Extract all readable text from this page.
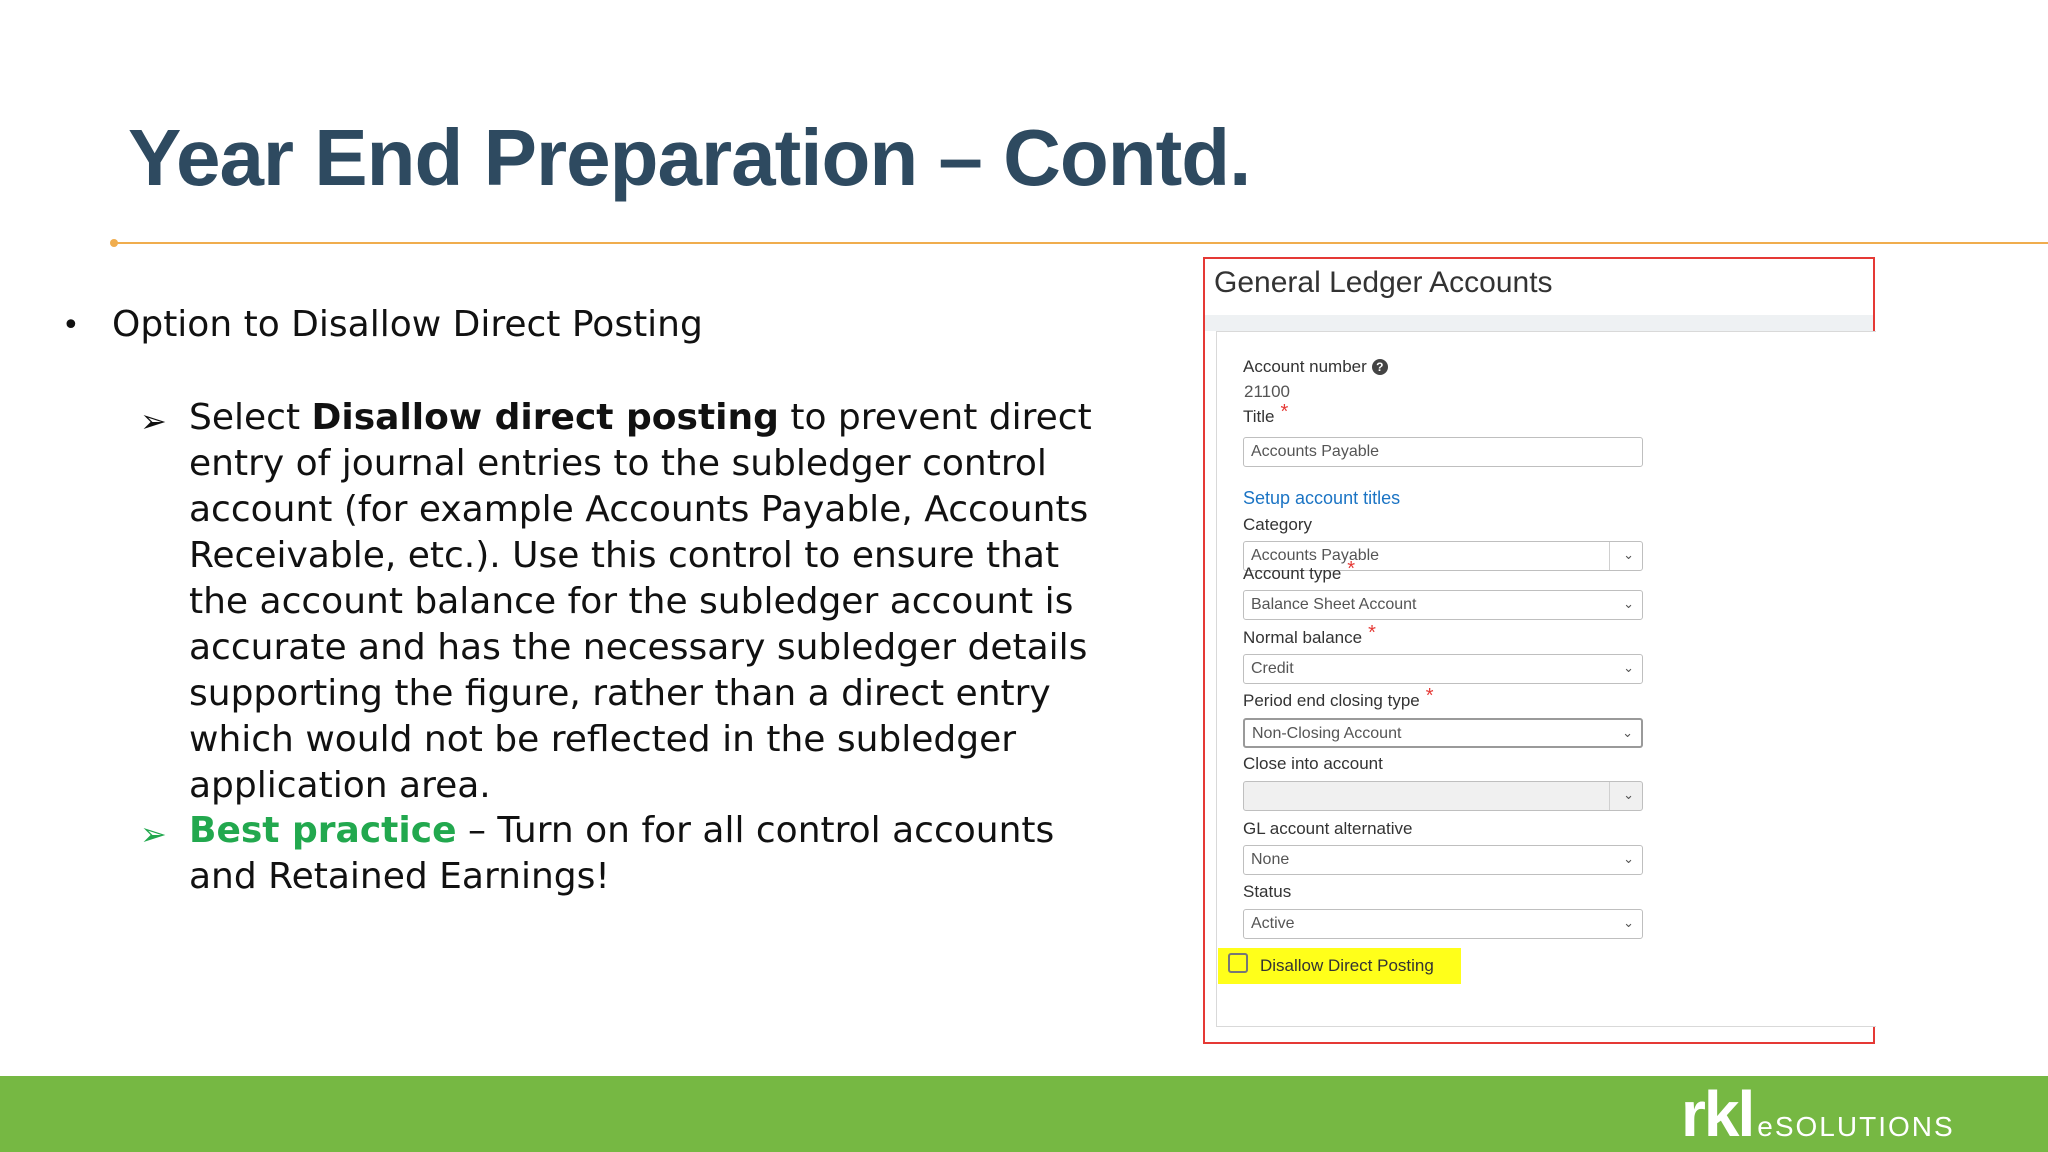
Year End Preparation – Contd.
• Option to Disallow Direct Posting
➢ Select Disallow direct posting to prevent direct entry of journal entries to the subledger control account (for example Accounts Payable, Accounts Receivable, etc.). Use this control to ensure that the account balance for the subledger account is accurate and has the necessary subledger details supporting the figure, rather than a direct entry which would not be reflected in the subledger application area.

➢ Best practice – Turn on for all control accounts and Retained Earnings!

General Ledger Accounts
Account number ?
21100
Title *
Accounts Payable
Setup account titles
Category
Accounts Payable	⌄
Account type *
Balance Sheet Account	⌄
Normal balance *
Credit	⌄
Period end closing type *
Non-Closing Account	⌄
Close into account
⌄
GL account alternative
None	⌄
Status
Active	⌄
Disallow Direct Posting
rkl eSOLUTIONS
